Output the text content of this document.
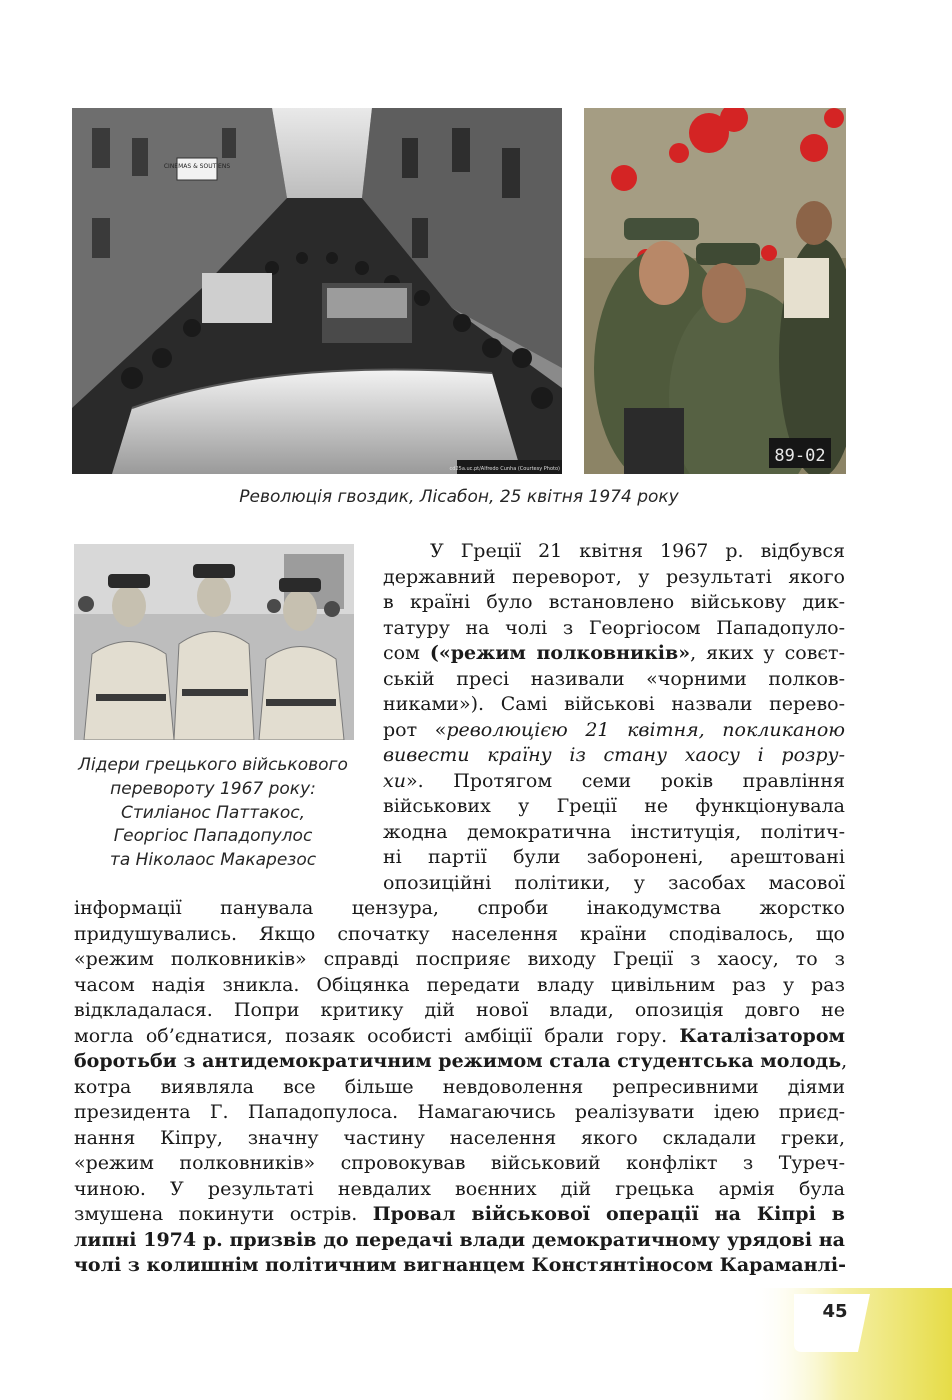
CINEMAS & SOUTIENS
cd25a.uc.pt/Alfredo Cunha (Courtesy Photo)
89-02
Революція гвоздик, Лісабон, 25 квітня 1974 року
Лідери грецького військового
перевороту 1967 року:
Стиліанос Паттакос,
Георгіос Пападопулос
та Ніколаос Макарезос
У Греції 21 квітня 1967 р. відбувся
державний переворот, у результаті якого
в країні було встановлено військову дик-
татуру на чолі з Георгіосом Пападопуло-
сом («режим полковників», яких у совєт-
ській пресі називали «чорними полков-
никами»). Самі військові назвали перево-
рот «революцією 21 квітня, покликаною
вивести країну із стану хаосу і розру-
хи». Протягом семи років правління
військових у Греції не функціонувала
жодна демократична інституція, політич-
ні партії були заборонені, арештовані
опозиційні політики, у засобах масової
інформації панувала цензура, спроби інакодумства жорстко
придушувались. Якщо спочатку населення країни сподівалось, що
«режим полковників» справді посприяє виходу Греції з хаосу, то з
часом надія зникла. Обіцянка передати владу цивільним раз у раз
відкладалася. Попри критику дій нової влади, опозиція довго не
могла об’єднатися, позаяк особисті амбіції брали гору. Каталізатором
боротьби з антидемократичним режимом стала студентська молодь,
котра виявляла все більше невдоволення репресивними діями
президента Г. Пападопулоса. Намагаючись реалізувати ідею приєд-
нання Кіпру, значну частину населення якого складали греки,
«режим полковників» спровокував військовий конфлікт з Туреч-
чиною. У результаті невдалих воєнних дій грецька армія була
змушена покинути острів. Провал військової операції на Кіпрі в
липні 1974 р. призвів до передачі влади демократичному урядові на
чолі з колишнім політичним вигнанцем Констянтіносом Караманлі-
45
